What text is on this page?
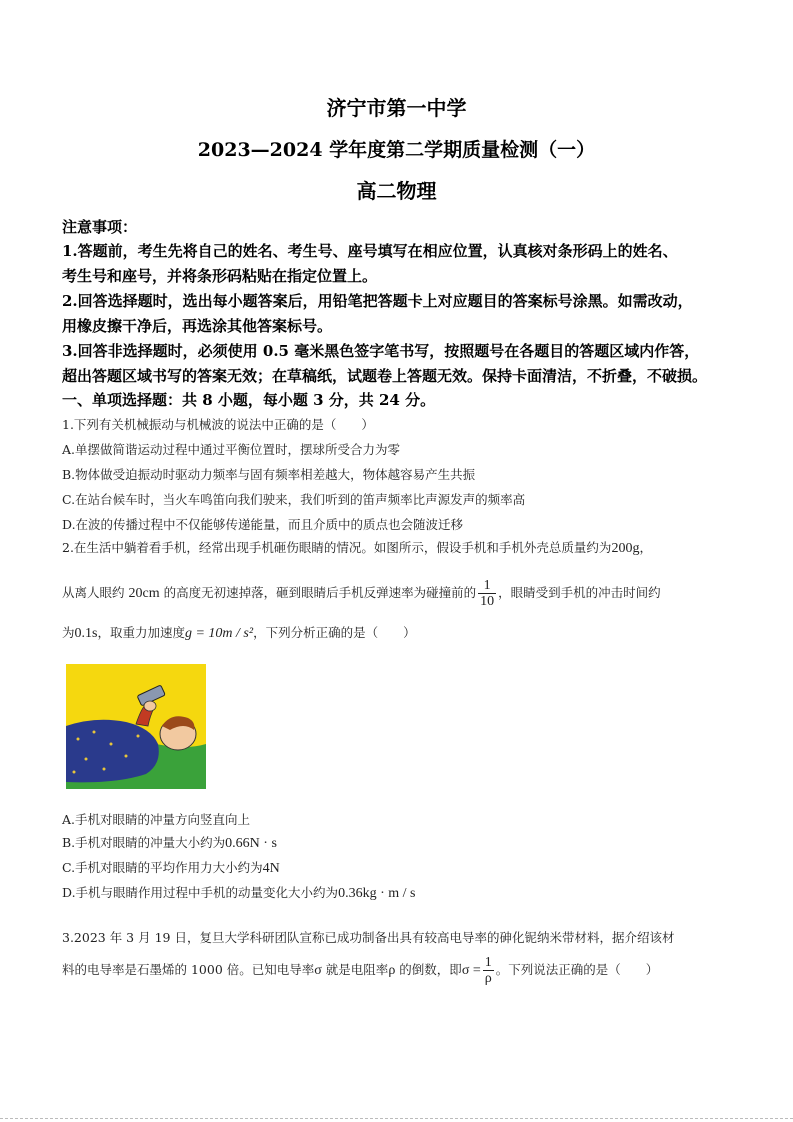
济宁市第一中学
2023—2024 学年度第二学期质量检测（一）
高二物理
注意事项：
1.答题前，考生先将自己的姓名、考生号、座号填写在相应位置，认真核对条形码上的姓名、
考生号和座号，并将条形码粘贴在指定位置上。
2.回答选择题时，选出每小题答案后，用铅笔把答题卡上对应题目的答案标号涂黑。如需改动，
用橡皮擦干净后，再选涂其他答案标号。
3.回答非选择题时，必须使用 0.5 毫米黑色签字笔书写，按照题号在各题目的答题区域内作答，
超出答题区域书写的答案无效；在草稿纸，试题卷上答题无效。保持卡面清洁，不折叠，不破损。
一、单项选择题：共 8 小题，每小题 3 分，共 24 分。
1.下列有关机械振动与机械波的说法中正确的是（　　）
A.单摆做简谐运动过程中通过平衡位置时，摆球所受合力为零
B.物体做受迫振动时驱动力频率与固有频率相差越大，物体越容易产生共振
C.在站台候车时，当火车鸣笛向我们驶来，我们听到的笛声频率比声源发声的频率高
D.在波的传播过程中不仅能够传递能量，而且介质中的质点也会随波迁移
2.在生活中躺着看手机，经常出现手机砸伤眼睛的情况。如图所示，假设手机和手机外壳总质量约为200g，
从离人眼约 20cm 的高度无初速掉落，砸到眼睛后手机反弹速率为碰撞前的 $\frac{1}{10}$ ，眼睛受到手机的冲击时间约
为0.1s，取重力加速度g = 10m / s²，下列分析正确的是（　　）
A.手机对眼睛的冲量方向竖直向上
B.手机对眼睛的冲量大小约为0.66N · s
C.手机对眼睛的平均作用力大小约为4N
D.手机与眼睛作用过程中手机的动量变化大小约为0.36kg · m / s
3.2023 年 3 月 19 日，复旦大学科研团队宣称已成功制备出具有较高电导率的砷化铌纳米带材料，据介绍该材
料的电导率是石墨烯的 1000 倍。已知电导率σ 就是电阻率ρ 的倒数，即$\sigma = \frac{1}{\rho}$ 。下列说法正确的是（　　）
